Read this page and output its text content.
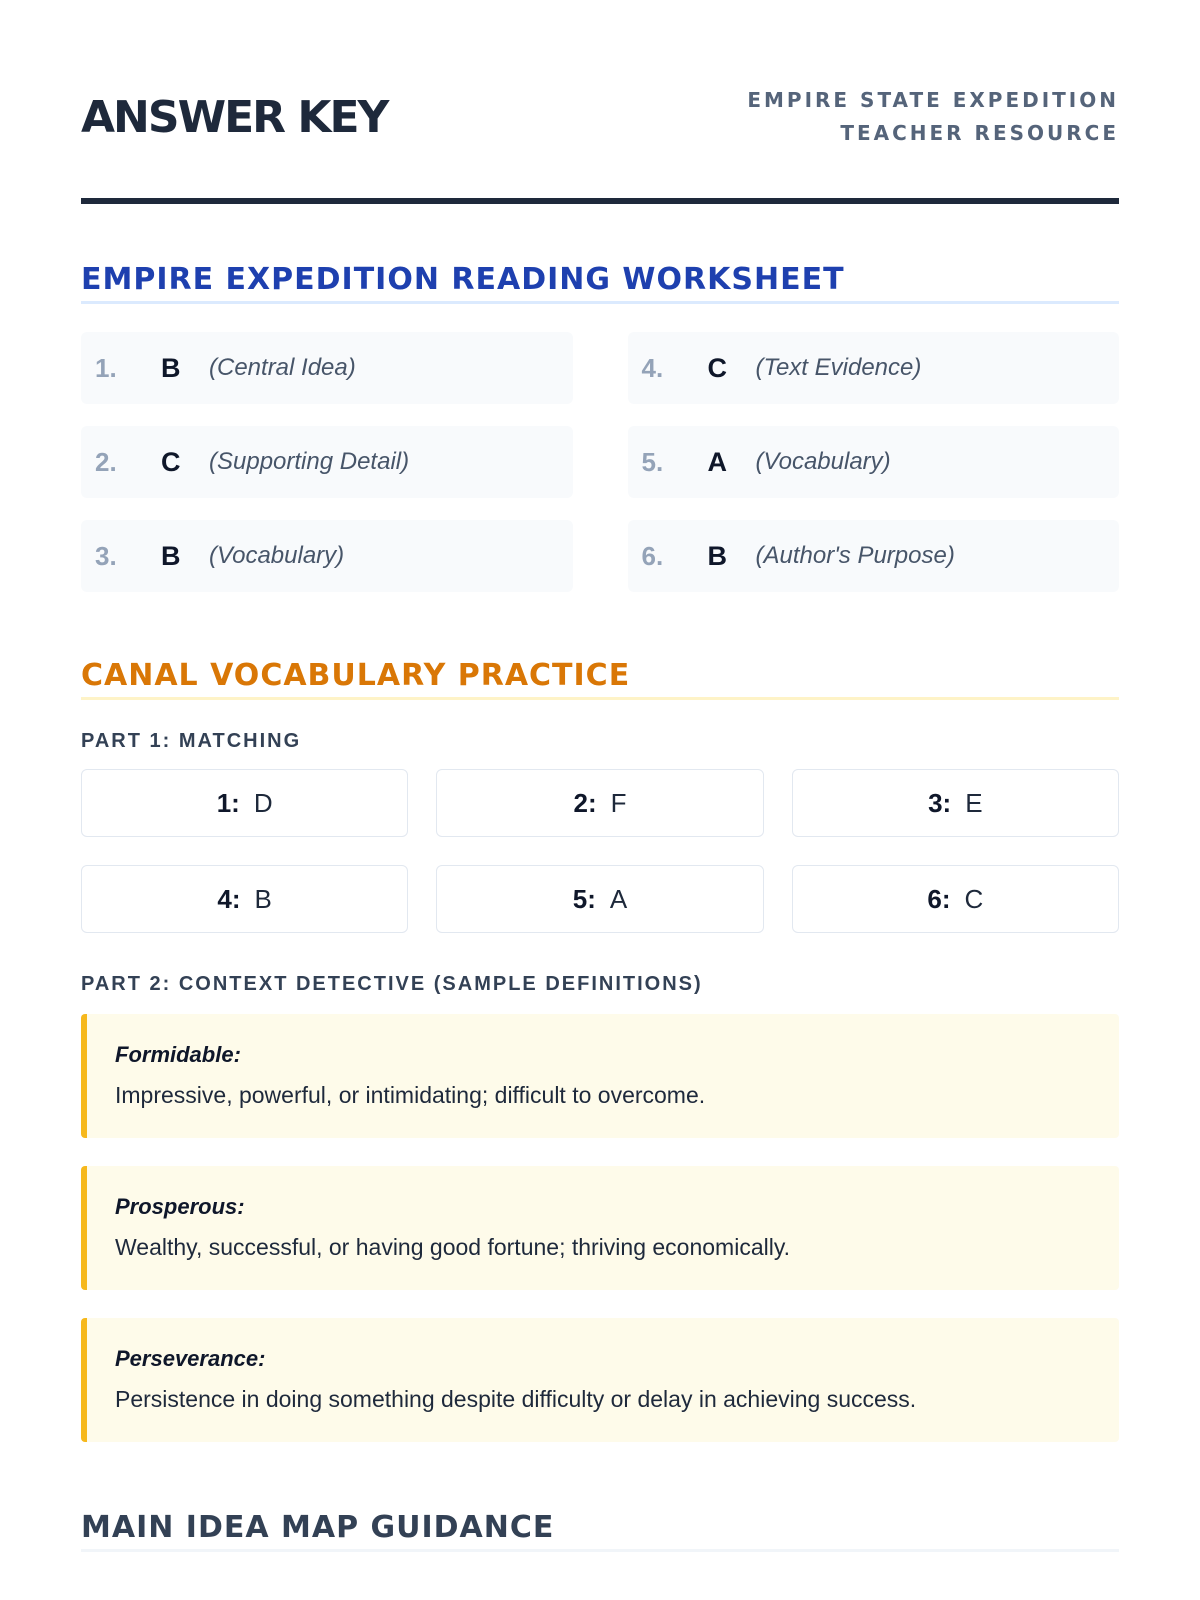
ANSWER KEY	EMPIRE STATE EXPEDITION
TEACHER RESOURCE
EMPIRE EXPEDITION READING WORKSHEET
1.	B	(Central Idea)	4.	C	(Text Evidence)
2.	C	(Supporting Detail)	5.	A	(Vocabulary)
3.	B	(Vocabulary)	6.	B	(Author's Purpose)
CANAL VOCABULARY PRACTICE
PART 1: MATCHING
1: D	2: F	3: E
4: B	5: A	6: C
PART 2: CONTEXT DETECTIVE (SAMPLE DEFINITIONS)
Formidable:
Impressive, powerful, or intimidating; difficult to overcome.
Prosperous:
Wealthy, successful, or having good fortune; thriving economically.
Perseverance:
Persistence in doing something despite difficulty or delay in achieving success.
MAIN IDEA MAP GUIDANCE
